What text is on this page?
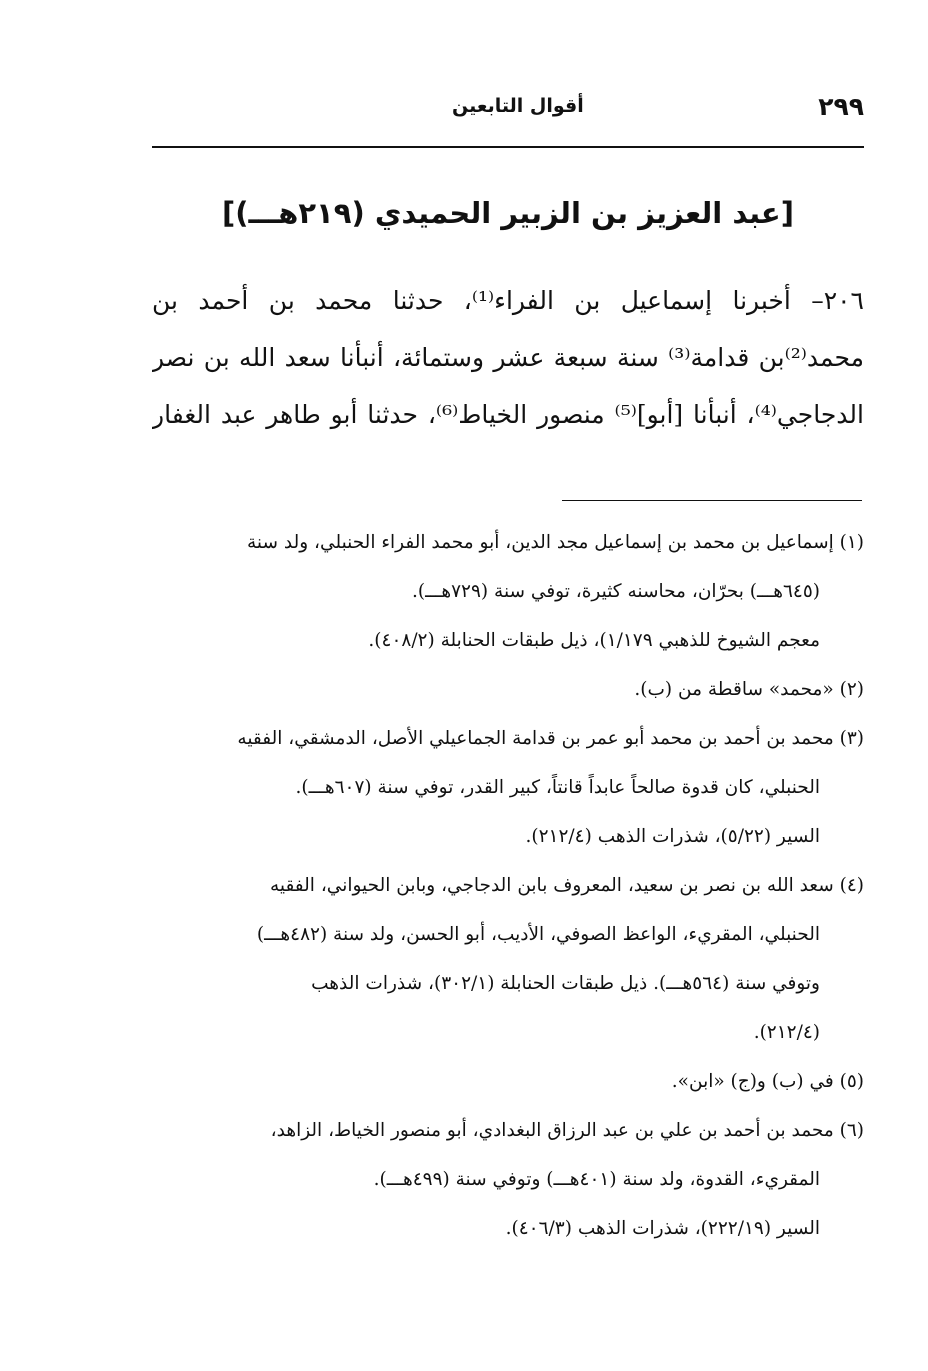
٢٩٩
أقوال التابعين
[عبد العزيز بن الزبير الحميدي (٢١٩هـــ)]
٢٠٦– أخبرنا إسماعيل بن الفراء⁽¹⁾، حدثنا محمد بن أحمد بن
محمد⁽²⁾بن قدامة⁽³⁾ سنة سبعة عشر وستمائة، أنبأنا سعد الله بن نصر
الدجاجي⁽⁴⁾، أنبأنا [أبو]⁽⁵⁾ منصور الخياط⁽⁶⁾، حدثنا أبو طاهر عبد الغفار
(١) إسماعيل بن محمد بن إسماعيل مجد الدين، أبو محمد الفراء الحنبلي، ولد سنة
(٦٤٥هـــ) بحرّان، محاسنه كثيرة، توفي سنة (٧٢٩هـــ).
معجم الشيوخ للذهبي ١/١٧٩)، ذيل طبقات الحنابلة (٤٠٨/٢).
(٢) «محمد» ساقطة من (ب).
(٣) محمد بن أحمد بن محمد أبو عمر بن قدامة الجماعيلي الأصل، الدمشقي، الفقيه
الحنبلي، كان قدوة صالحاً عابداً قانتاً، كبير القدر، توفي سنة (٦٠٧هـــ).
السير (٥/٢٢)، شذرات الذهب (٢١٢/٤).
(٤) سعد الله بن نصر بن سعيد، المعروف بابن الدجاجي، وبابن الحيواني، الفقيه
الحنبلي، المقريء، الواعظ الصوفي، الأديب، أبو الحسن، ولد سنة (٤٨٢هـــ)
وتوفي سنة (٥٦٤هـــ). ذيل طبقات الحنابلة (٣٠٢/١)، شذرات الذهب
(٢١٢/٤).
(٥) في (ب) و(ج) «ابن».
(٦) محمد بن أحمد بن علي بن عبد الرزاق البغدادي، أبو منصور الخياط، الزاهد،
المقريء، القدوة، ولد سنة (٤٠١هـــ) وتوفي سنة (٤٩٩هـــ).
السير (٢٢٢/١٩)، شذرات الذهب (٤٠٦/٣).
